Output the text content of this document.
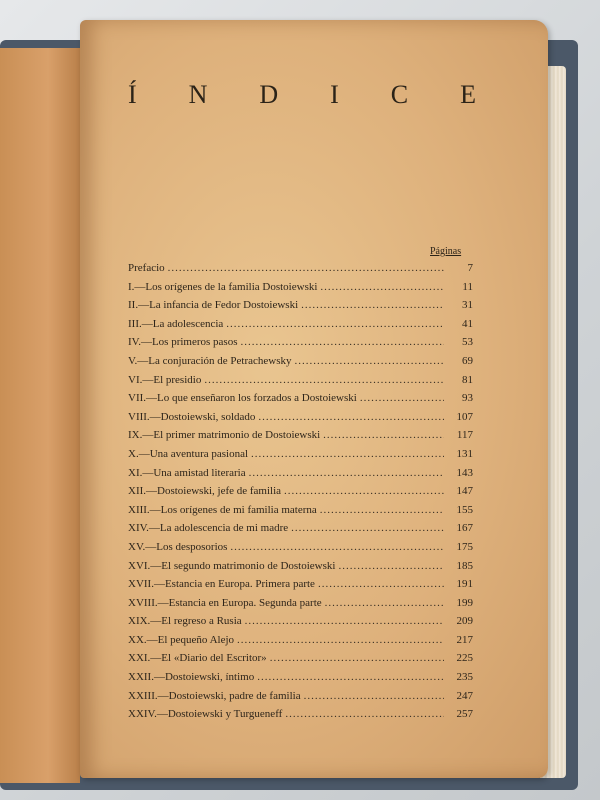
Í N D I C E
Páginas
Prefacio .....	7
I.—Los orígenes de la familia Dostoiewski .....	11
II.—La infancia de Fedor Dostoiewski .....	31
III.—La adolescencia .....	41
IV.—Los primeros pasos .....	53
V.—La conjuración de Petrachewsky .....	69
VI.—El presidio .....	81
VII.—Lo que enseñaron los forzados a Dostoiewski .....	93
VIII.—Dostoiewski, soldado .....	107
IX.—El primer matrimonio de Dostoiewski .....	117
X.—Una aventura pasional .....	131
XI.—Una amistad literaria .....	143
XII.—Dostoiewski, jefe de familia .....	147
XIII.—Los orígenes de mi familia materna .....	155
XIV.—La adolescencia de mi madre .....	167
XV.—Los desposorios .....	175
XVI.—El segundo matrimonio de Dostoiewski .....	185
XVII.—Estancia en Europa. Primera parte .....	191
XVIII.—Estancia en Europa. Segunda parte .....	199
XIX.—El regreso a Rusia .....	209
XX.—El pequeño Alejo .....	217
XXI.—El «Diario del Escritor» .....	225
XXII.—Dostoiewski, íntimo .....	235
XXIII.—Dostoiewski, padre de familia .....	247
XXIV.—Dostoiewski y Turgueneff .....	257
